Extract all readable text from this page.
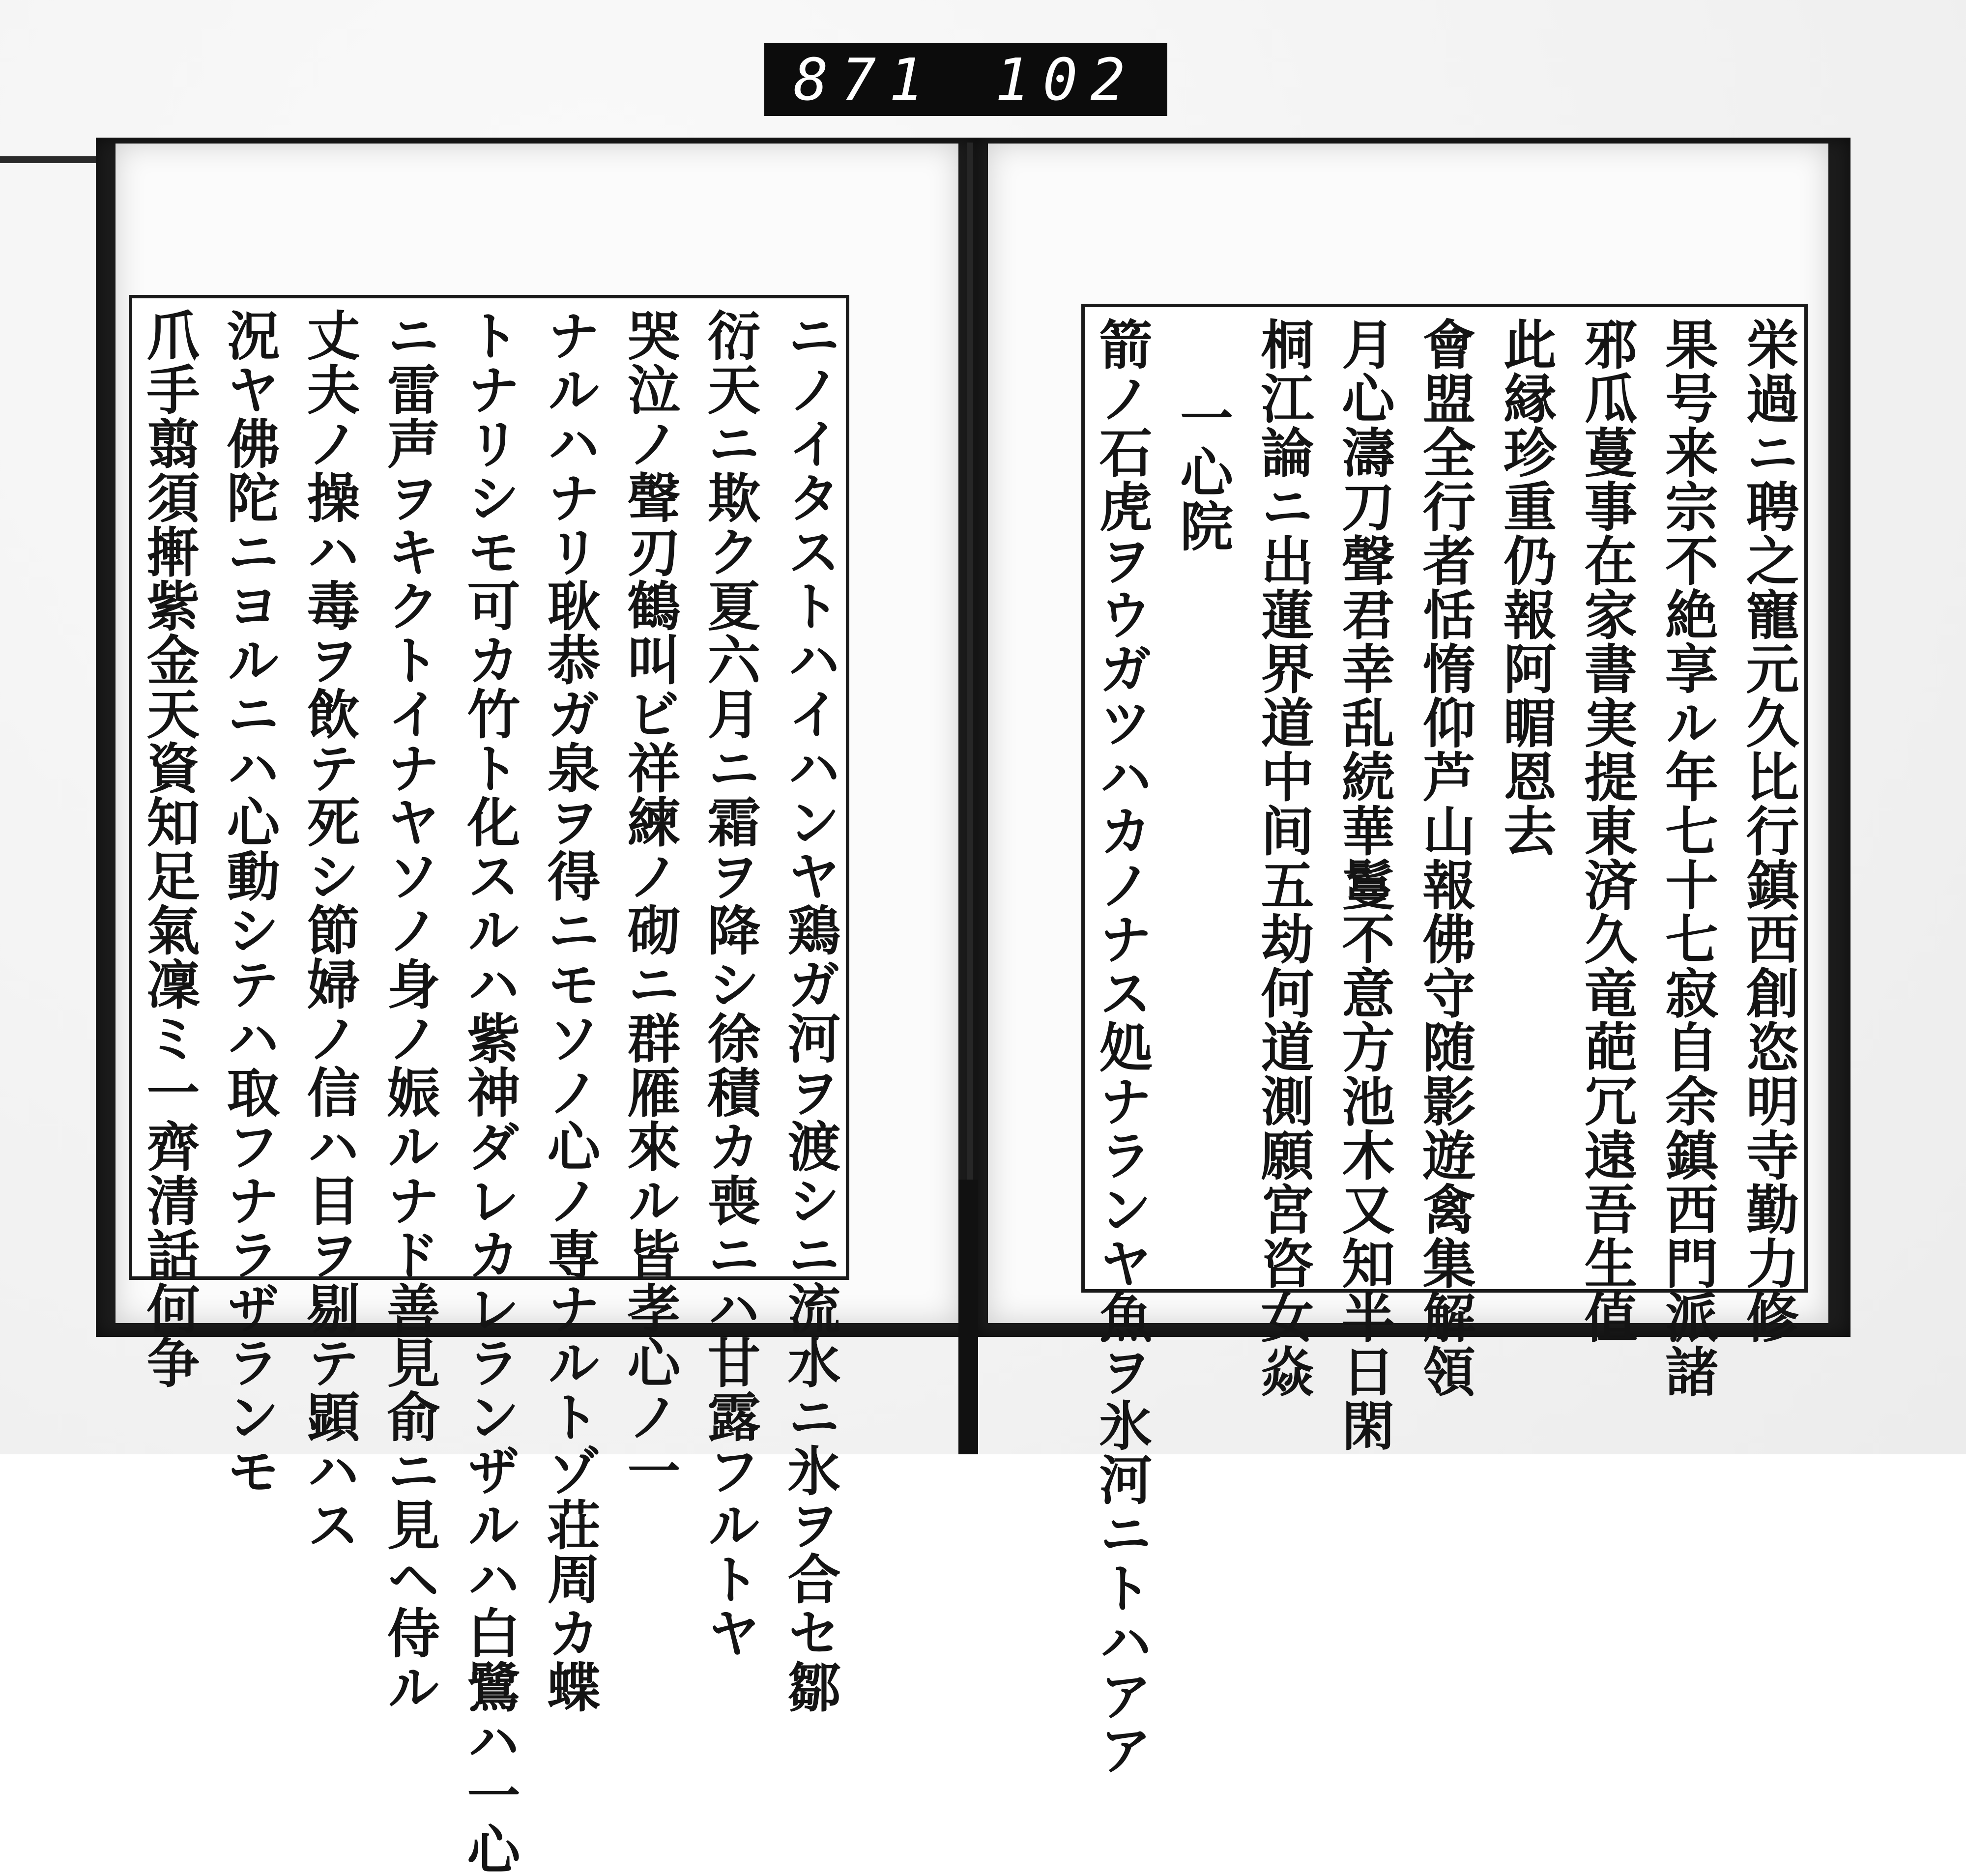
871 102
栄過ニ聘之寵元久比行鎮西創恣明寺勤力修
果号来宗不絶享ル年七十七寂自余鎮西門派諸
邪瓜蔓事在家書実提東済久竜葩冗遠吾生值
此縁珍重仍報阿睸恩去
會盟全行者恬惰仰芦山報佛守随影遊禽集解領
月心濤刀聲君幸乱続華鬘不意方池木又知半日閑
桐江論ニ出蓮界道中间五劫何道測願宮咨女焱
一心院
箭ノ石虎ヲウガツハカノナス処ナランヤ魚ヲ氷河ニトハアア
ニノイタストハイハンヤ鶏ガ河ヲ渡シニ流水ニ氷ヲ合セ鄒
衍天ニ欺ク夏六月ニ霜ヲ降シ徐積カ喪ニハ甘露フルトヤ
哭泣ノ聲刃鶴叫ビ祥練ノ砌ニ群雁來ル皆孝心ノ一
ナルハナリ耿恭ガ泉ヲ得ニモソノ心ノ専ナルトゾ荘周カ蝶
トナリシモ可カ竹ト化スルハ紫神ダレカレランザルハ白鷺ハ一心
ニ雷声ヲキクトイナヤソノ身ノ娠ルナド善見俞ニ見ヘ侍ル
丈夫ノ操ハ毒ヲ飲テ死シ節婦ノ信ハ目ヲ剔テ顕ハス
況ヤ佛陀ニヨルニハ心動シテハ取フナラザランモ
爪手翦須搟紫金天資知足氣凜ミ一齊清話何争
